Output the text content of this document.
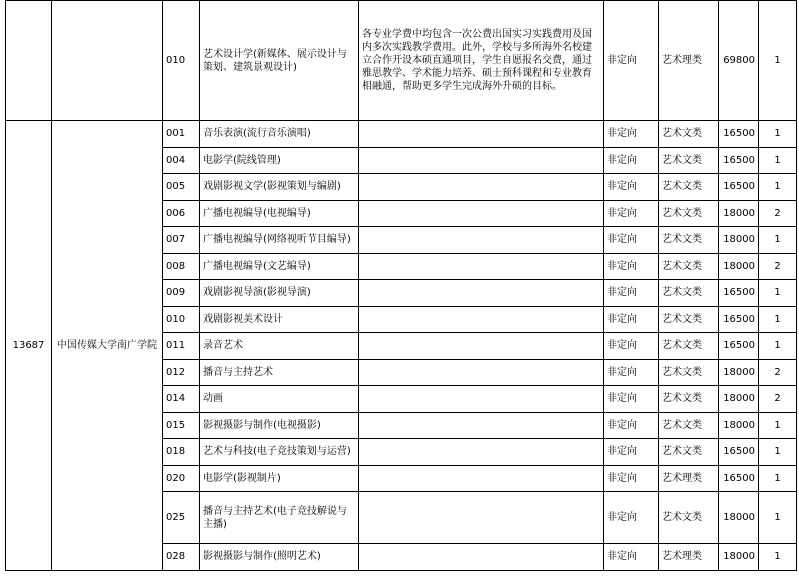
		010	艺术设计学(新媒体、展示设计与策划、建筑景观设计)	各专业学费中均包含一次公费出国实习实践费用及国内多次实践教学费用。此外，学校与多所海外名校建立合作开设本硕直通项目，学生自愿报名交费，通过雅思教学、学术能力培养、硕士预科课程和专业教育相融通，帮助更多学生完成海外升硕的目标。	非定向	艺术理类	69800	1
13687	中国传媒大学南广学院	001	音乐表演(流行音乐演唱)		非定向	艺术文类	16500	1
		004	电影学(院线管理)		非定向	艺术文类	16500	1
		005	戏剧影视文学(影视策划与编剧)		非定向	艺术文类	16500	1
		006	广播电视编导(电视编导)		非定向	艺术文类	18000	2
		007	广播电视编导(网络视听节目编导)		非定向	艺术文类	18000	1
		008	广播电视编导(文艺编导)		非定向	艺术文类	18000	2
		009	戏剧影视导演(影视导演)		非定向	艺术文类	16500	1
		010	戏剧影视美术设计		非定向	艺术文类	16500	1
		011	录音艺术		非定向	艺术文类	16500	1
		012	播音与主持艺术		非定向	艺术文类	18000	2
		014	动画		非定向	艺术文类	18000	2
		015	影视摄影与制作(电视摄影)		非定向	艺术文类	18000	1
		018	艺术与科技(电子竞技策划与运营)		非定向	艺术文类	16500	1
		020	电影学(影视制片)		非定向	艺术理类	16500	1
		025	播音与主持艺术(电子竞技解说与主播)		非定向	艺术文类	18000	1
		028	影视摄影与制作(照明艺术)		非定向	艺术理类	18000	1
